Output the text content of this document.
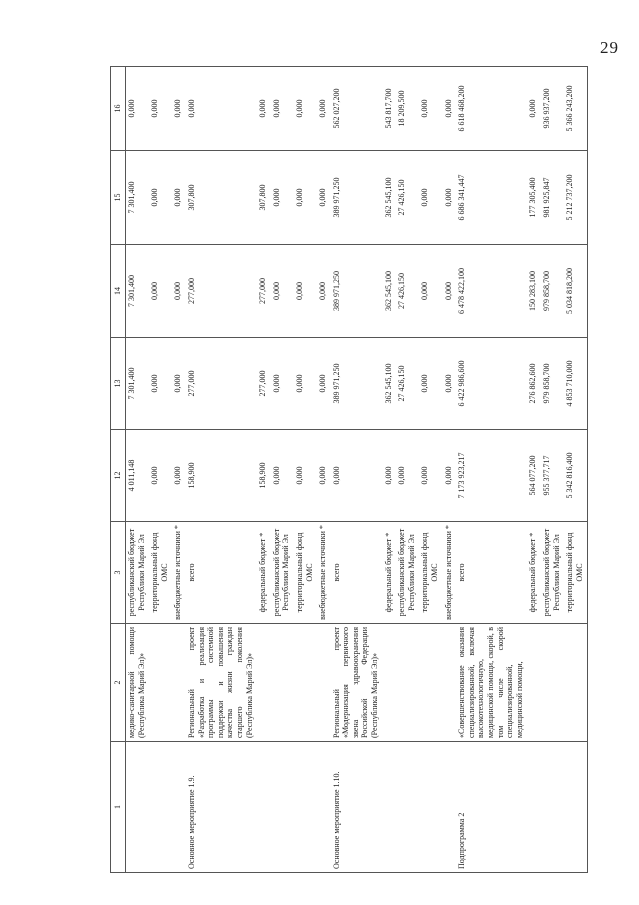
29
1	2	3	12	13	14	15	16
	медико-санитарной помощи (Республика Марий Эл)»	республиканский бюджет Республики Марий Эл	4 011,148	7 301,400	7 301,400	7 301,400	0,000
		территориальный фонд ОМС	0,000	0,000	0,000	0,000	0,000
		внебюджетные источники *	0,000	0,000	0,000	0,000	0,000
Основное мероприятие 1.9.	Региональный проект «Разработка и реализация программы системной поддержки и повышения качества жизни граждан старшего поколения (Республика Марий Эл)»	всего	158,900	277,000	277,000	307,800	0,000
		федеральный бюджет *	158,900	277,000	277,000	307,800	0,000
		республиканский бюджет Республики Марий Эл	0,000	0,000	0,000	0,000	0,000
		территориальный фонд ОМС	0,000	0,000	0,000	0,000	0,000
		внебюджетные источники *	0,000	0,000	0,000	0,000	0,000
Основное мероприятие 1.10.	Региональный проект «Модернизация первичного звена здравоохранения Российской Федерации (Республика Марий Эл)»	всего	0,000	389 971,250	389 971,250	389 971,250	562 027,200
		федеральный бюджет *	0,000	362 545,100	362 545,100	362 545,100	543 817,700
		республиканский бюджет Республики Марий Эл	0,000	27 426,150	27 426,150	27 426,150	18 209,500
		территориальный фонд ОМС	0,000	0,000	0,000	0,000	0,000
		внебюджетные источники *	0,000	0,000	0,000	0,000	0,000
Подпрограмма 2	«Совершенствование оказания специализированной, включая высокотехнологичную, медицинской помощи, скорой, в том числе скорой специализированной, медицинской помощи,	всего	7 173 923,217	6 422 986,600	6 478 422,100	6 686 341,447	6 618 468,200
		федеральный бюджет *	564 077,200	276 862,600	150 283,100	177 305,400	0,000
		республиканский бюджет Республики Марий Эл	955 377,717	979 858,700	979 858,700	981 925,847	936 937,200
		территориальный фонд ОМС	5 342 816,400	4 853 710,000	5 034 818,200	5 212 737,200	5 366 243,200
